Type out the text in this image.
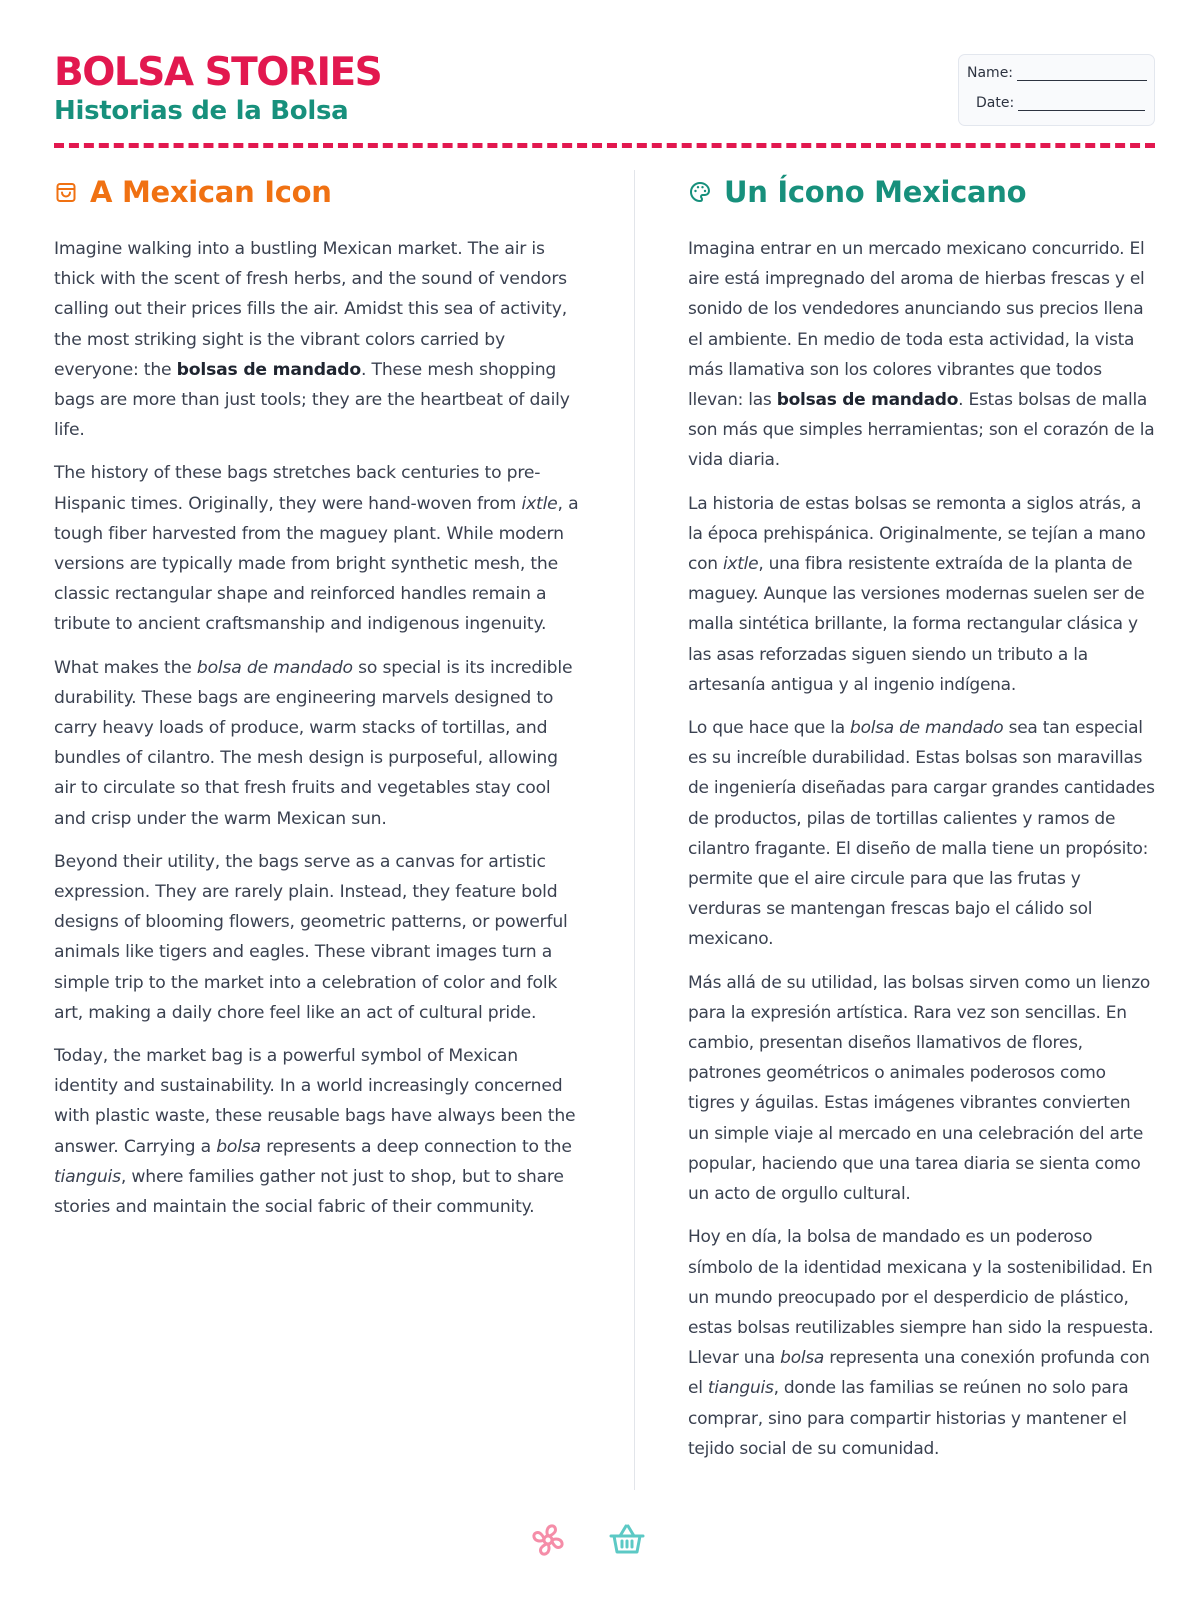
BOLSA STORIES
Historias de la Bolsa
Name:
Date:
A Mexican Icon

Imagine walking into a bustling Mexican market. The air is thick with the scent of fresh herbs, and the sound of vendors calling out their prices fills the air. Amidst this sea of activity, the most striking sight is the vibrant colors carried by everyone: the bolsas de mandado. These mesh shopping bags are more than just tools; they are the heartbeat of daily life.

The history of these bags stretches back centuries to pre-Hispanic times. Originally, they were hand-woven from ixtle, a tough fiber harvested from the maguey plant. While modern versions are typically made from bright synthetic mesh, the classic rectangular shape and reinforced handles remain a tribute to ancient craftsmanship and indigenous ingenuity.

What makes the bolsa de mandado so special is its incredible durability. These bags are engineering marvels designed to carry heavy loads of produce, warm stacks of tortillas, and bundles of cilantro. The mesh design is purposeful, allowing air to circulate so that fresh fruits and vegetables stay cool and crisp under the warm Mexican sun.

Beyond their utility, the bags serve as a canvas for artistic expression. They are rarely plain. Instead, they feature bold designs of blooming flowers, geometric patterns, or powerful animals like tigers and eagles. These vibrant images turn a simple trip to the market into a celebration of color and folk art, making a daily chore feel like an act of cultural pride.

Today, the market bag is a powerful symbol of Mexican identity and sustainability. In a world increasingly concerned with plastic waste, these reusable bags have always been the answer. Carrying a bolsa represents a deep connection to the tianguis, where families gather not just to shop, but to share stories and maintain the social fabric of their community.

Un Ícono Mexicano

Imagina entrar en un mercado mexicano concurrido. El aire está impregnado del aroma de hierbas frescas y el sonido de los vendedores anunciando sus precios llena el ambiente. En medio de toda esta actividad, la vista más llamativa son los colores vibrantes que todos llevan: las bolsas de mandado. Estas bolsas de malla son más que simples herramientas; son el corazón de la vida diaria.

La historia de estas bolsas se remonta a siglos atrás, a la época prehispánica. Originalmente, se tejían a mano con ixtle, una fibra resistente extraída de la planta de maguey. Aunque las versiones modernas suelen ser de malla sintética brillante, la forma rectangular clásica y las asas reforzadas siguen siendo un tributo a la artesanía antigua y al ingenio indígena.

Lo que hace que la bolsa de mandado sea tan especial es su increíble durabilidad. Estas bolsas son maravillas de ingeniería diseñadas para cargar grandes cantidades de productos, pilas de tortillas calientes y ramos de cilantro fragante. El diseño de malla tiene un propósito: permite que el aire circule para que las frutas y verduras se mantengan frescas bajo el cálido sol mexicano.

Más allá de su utilidad, las bolsas sirven como un lienzo para la expresión artística. Rara vez son sencillas. En cambio, presentan diseños llamativos de flores, patrones geométricos o animales poderosos como tigres y águilas. Estas imágenes vibrantes convierten un simple viaje al mercado en una celebración del arte popular, haciendo que una tarea diaria se sienta como un acto de orgullo cultural.

Hoy en día, la bolsa de mandado es un poderoso símbolo de la identidad mexicana y la sostenibilidad. En un mundo preocupado por el desperdicio de plástico, estas bolsas reutilizables siempre han sido la respuesta. Llevar una bolsa representa una conexión profunda con el tianguis, donde las familias se reúnen no solo para comprar, sino para compartir historias y mantener el tejido social de su comunidad.
